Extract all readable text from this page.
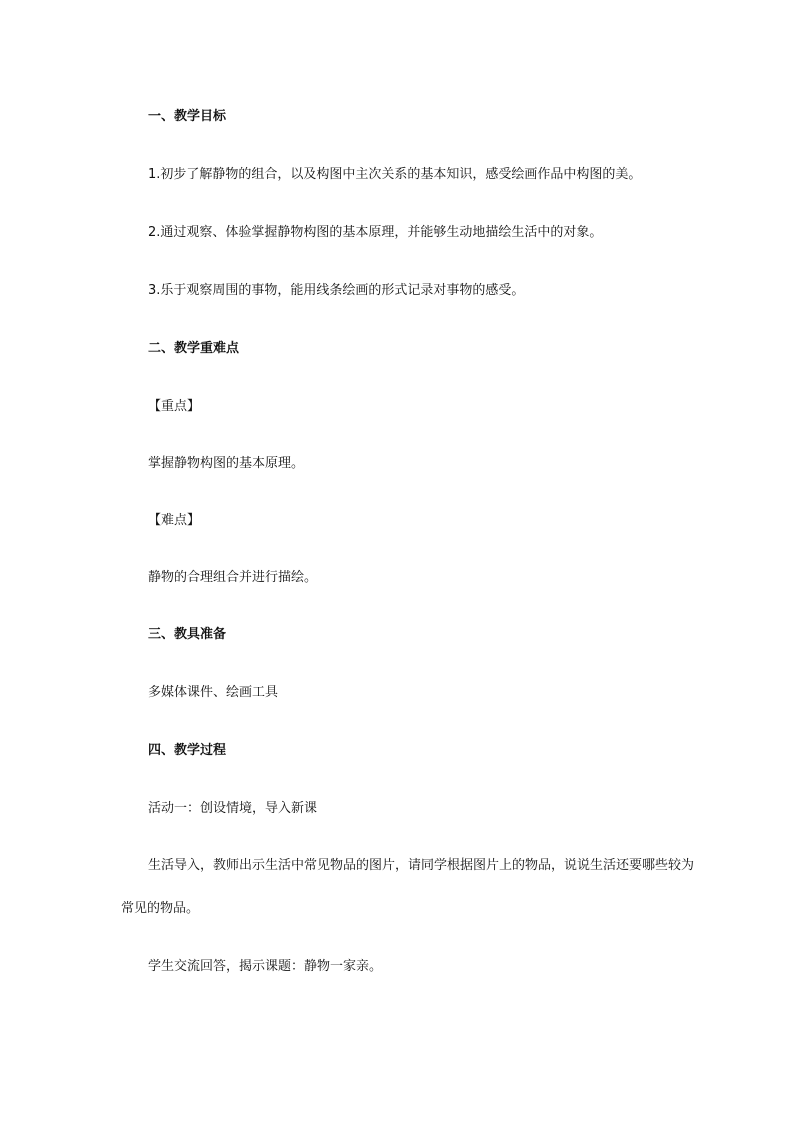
一、教学目标
1.初步了解静物的组合，以及构图中主次关系的基本知识，感受绘画作品中构图的美。
2.通过观察、体验掌握静物构图的基本原理，并能够生动地描绘生活中的对象。
3.乐于观察周围的事物，能用线条绘画的形式记录对事物的感受。
二、教学重难点
【重点】
掌握静物构图的基本原理。
【难点】
静物的合理组合并进行描绘。
三、教具准备
多媒体课件、绘画工具
四、教学过程
活动一：创设情境，导入新课
生活导入，教师出示生活中常见物品的图片，请同学根据图片上的物品，说说生活还要哪些较为
常见的物品。
学生交流回答，揭示课题：静物一家亲。
